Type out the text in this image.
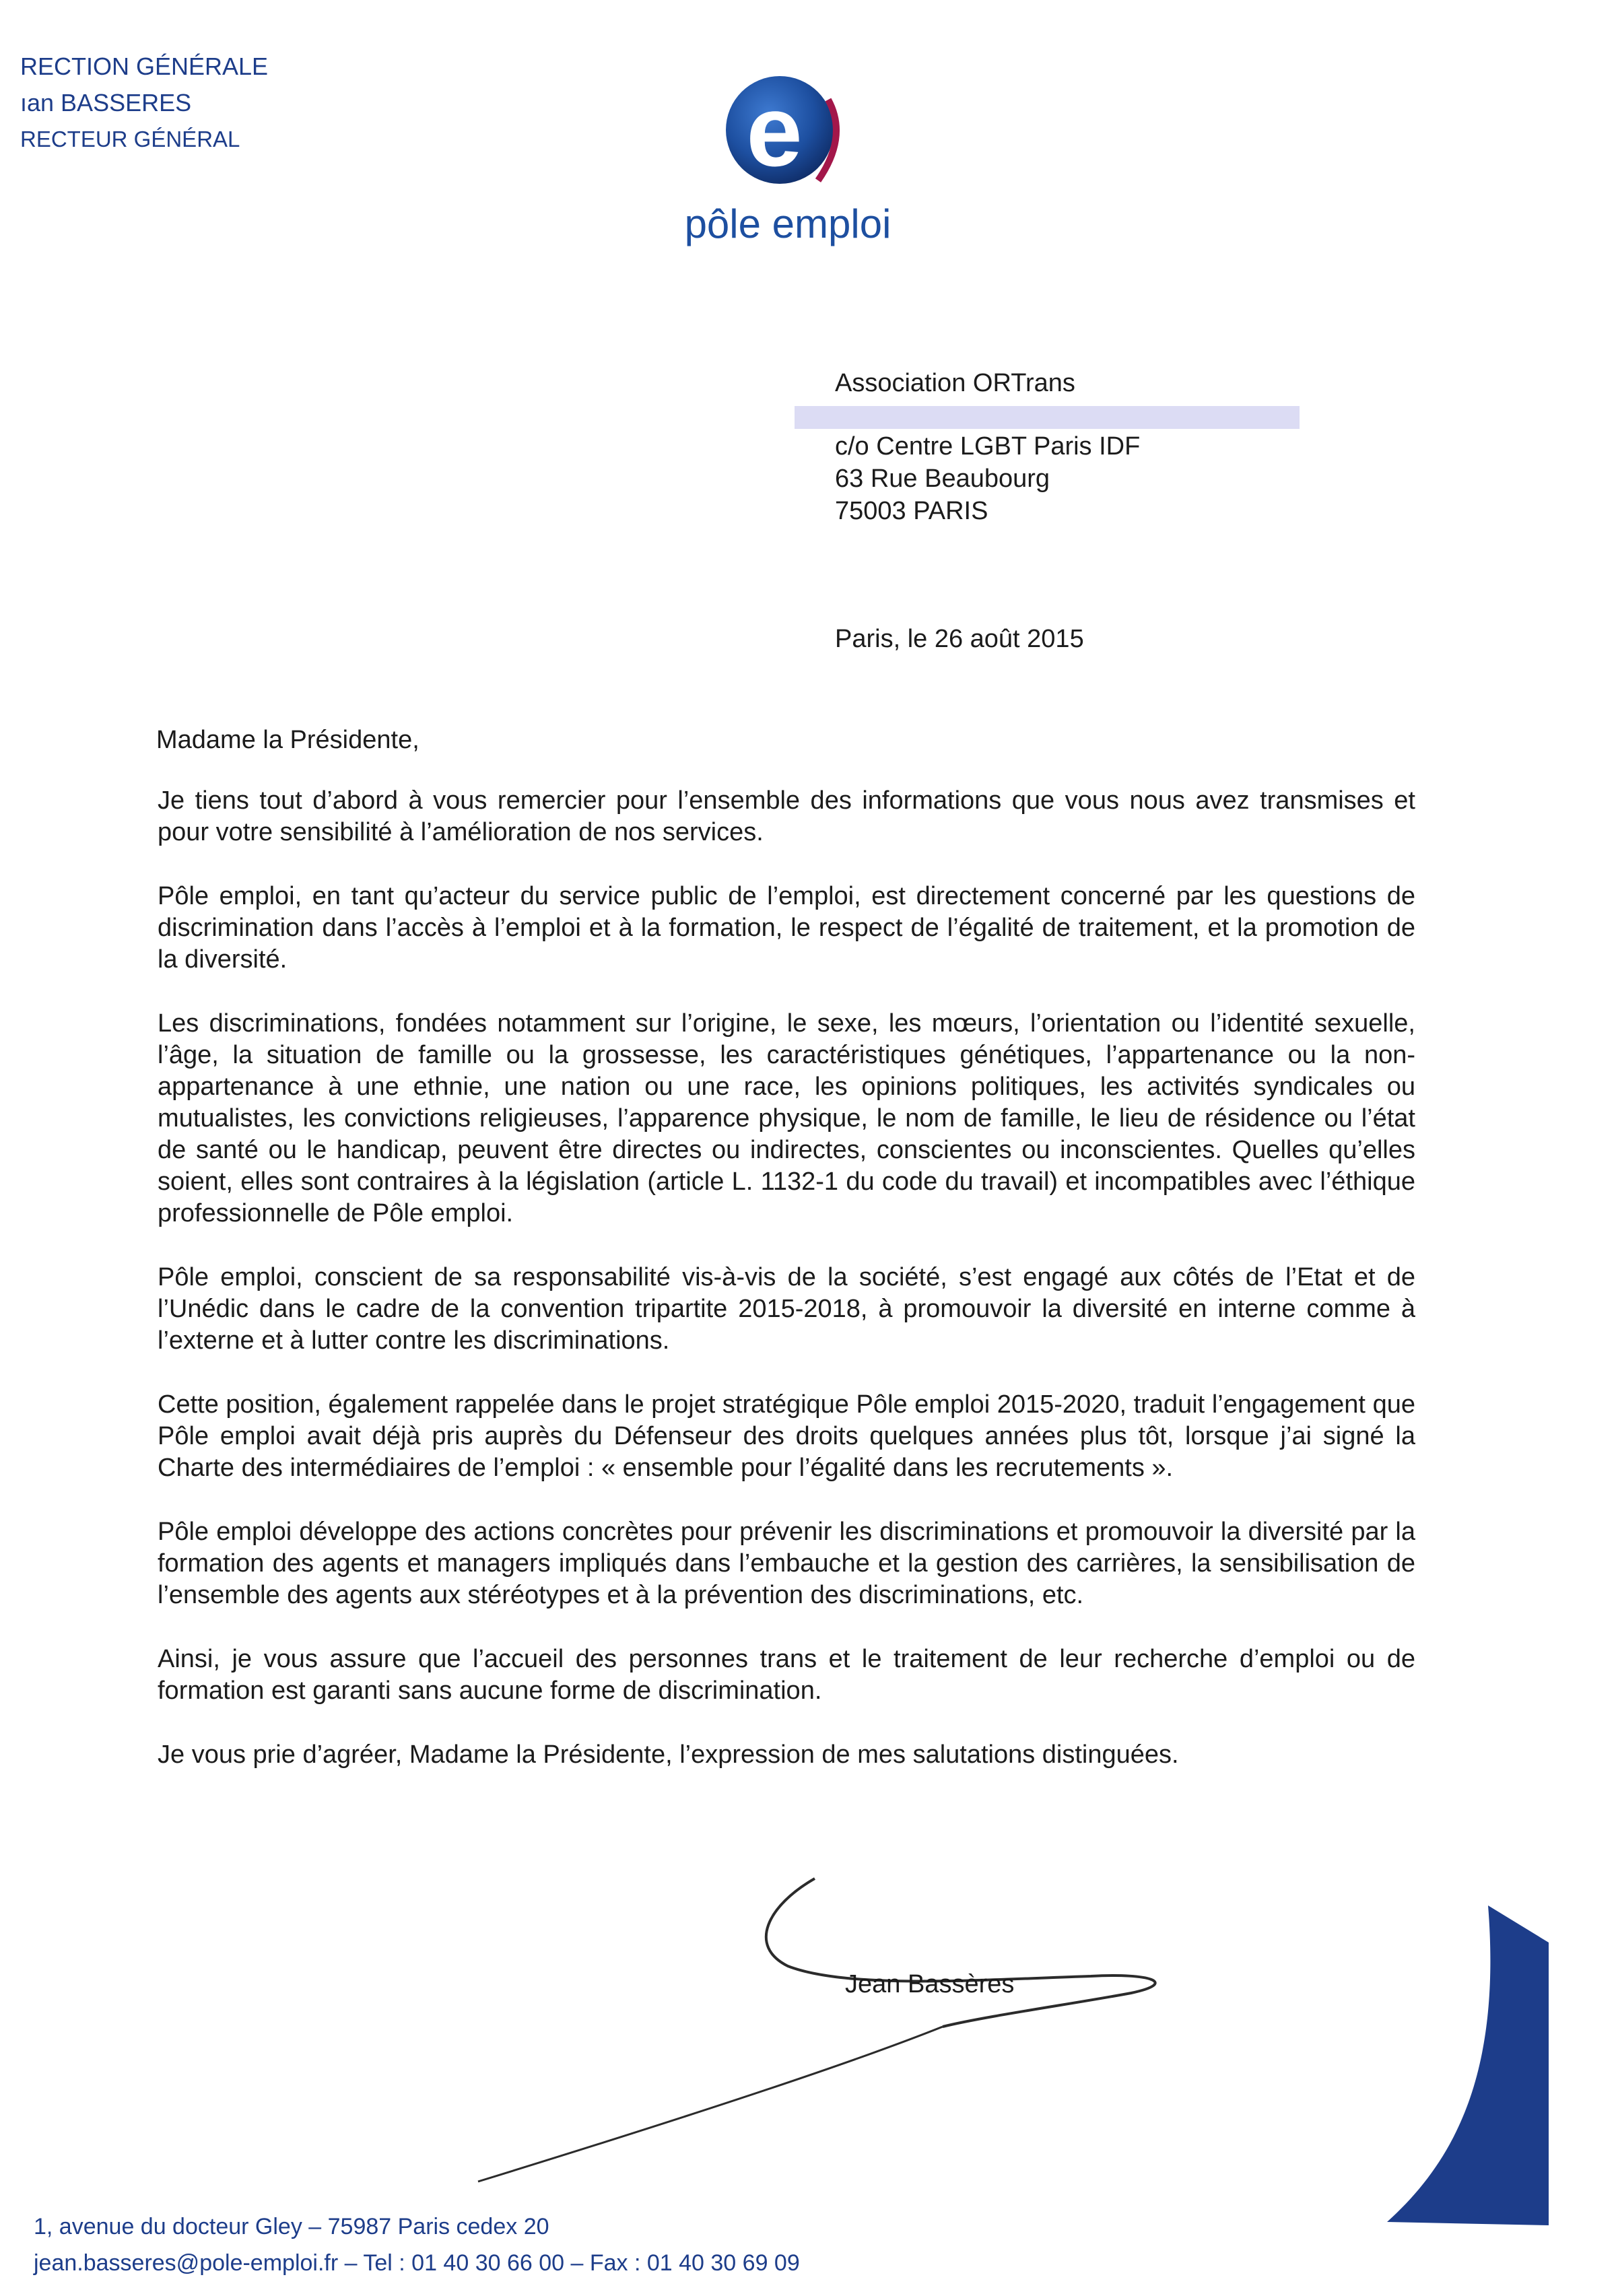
RECTION GÉNÉRALE
ıan BASSERES
RECTEUR GÉNÉRAL	e
pôle emploi
Association ORTrans
c/o Centre LGBT Paris IDF
63 Rue Beaubourg
75003 PARIS
Paris, le 26 août 2015
Madame la Présidente,

Je tiens tout d’abord à vous remercier pour l’ensemble des informations que vous nous avez transmises et pour votre sensibilité à l’amélioration de nos services.

Pôle emploi, en tant qu’acteur du service public de l’emploi, est directement concerné par les questions de discrimination dans l’accès à l’emploi et à la formation, le respect de l’égalité de traitement, et la promotion de la diversité.

Les discriminations, fondées notamment sur l’origine, le sexe, les mœurs, l’orientation ou l’identité sexuelle, l’âge, la situation de famille ou la grossesse, les caractéristiques génétiques, l’appartenance ou la non-appartenance à une ethnie, une nation ou une race, les opinions politiques, les activités syndicales ou mutualistes, les convictions religieuses, l’apparence physique, le nom de famille, le lieu de résidence ou l’état de santé ou le handicap, peuvent être directes ou indirectes, conscientes ou inconscientes. Quelles qu’elles soient, elles sont contraires à la législation (article L. 1132-1 du code du travail) et incompatibles avec l’éthique professionnelle de Pôle emploi.

Pôle emploi, conscient de sa responsabilité vis-à-vis de la société, s’est engagé aux côtés de l’Etat et de l’Unédic dans le cadre de la convention tripartite 2015-2018, à promouvoir la diversité en interne comme à l’externe et à lutter contre les discriminations.

Cette position, également rappelée dans le projet stratégique Pôle emploi 2015-2020, traduit l’engagement que Pôle emploi avait déjà pris auprès du Défenseur des droits quelques années plus tôt, lorsque j’ai signé la Charte des intermédiaires de l’emploi : « ensemble pour l’égalité dans les recrutements ».

Pôle emploi développe des actions concrètes pour prévenir les discriminations et promouvoir la diversité par la formation des agents et managers impliqués dans l’embauche et la gestion des carrières, la sensibilisation de l’ensemble des agents aux stéréotypes et à la prévention des discriminations, etc.

Ainsi, je vous assure que l’accueil des personnes trans et le traitement de leur recherche d’emploi ou de formation est garanti sans aucune forme de discrimination.

Je vous prie d’agréer, Madame la Présidente, l’expression de mes salutations distinguées.

Jean Bassères
1, avenue du docteur Gley – 75987 Paris cedex 20
jean.basseres@pole-emploi.fr – Tel : 01 40 30 66 00 – Fax : 01 40 30 69 09
